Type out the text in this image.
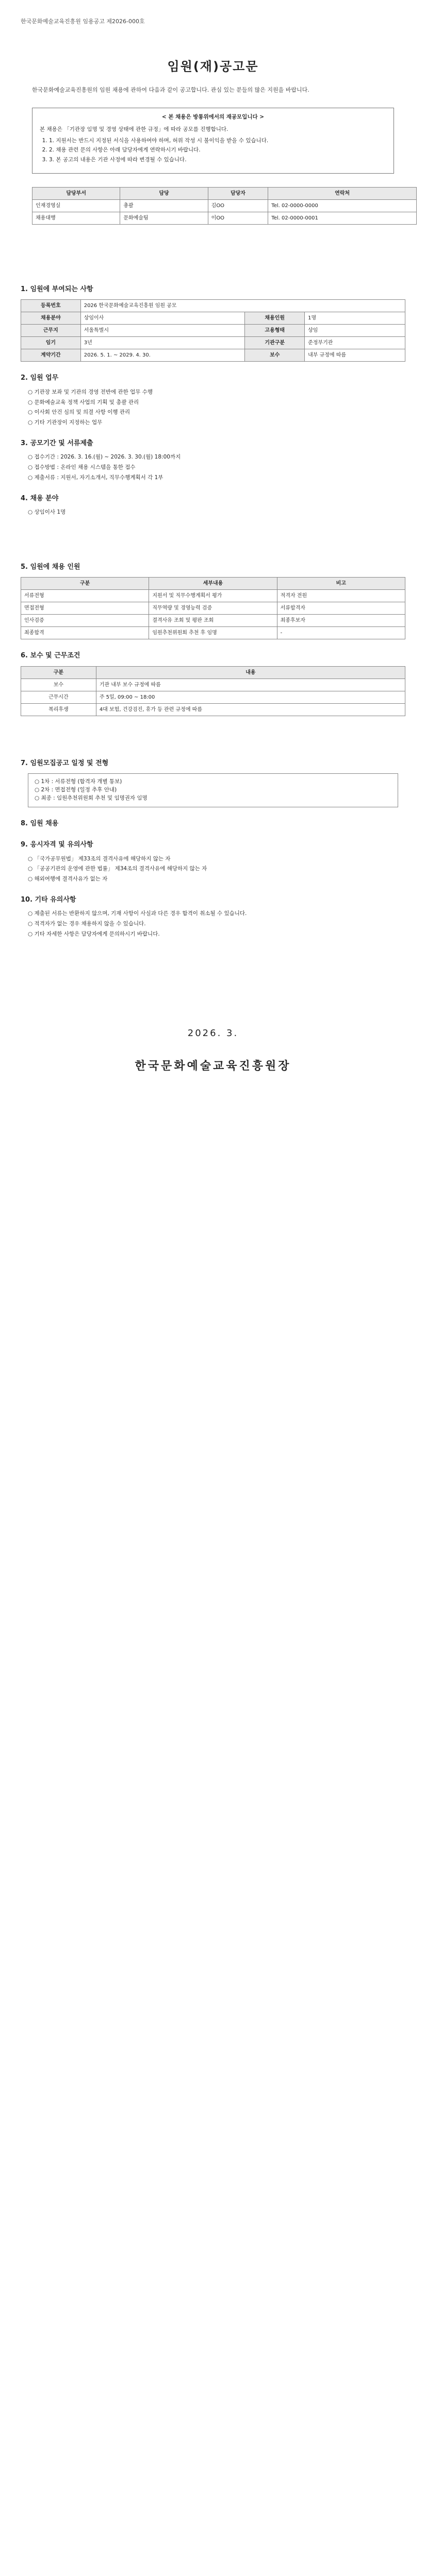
한국문화예술교육진흥원 임용공고 제2026-000호
임원(재)공고문

한국문화예술교육진흥원의 임원 채용에 관하여 다음과 같이 공고합니다. 관심 있는 분들의 많은 지원을 바랍니다.

< 본 채용은 방통위에서의 재공모입니다 >

본 채용은 「기관장 임명 및 경영 상태에 관한 규정」에 따라 공모를 진행합니다.

1. 1. 지원서는 반드시 지정된 서식을 사용하여야 하며, 허위 작성 시 불이익을 받을 수 있습니다.
2. 2. 채용 관련 문의 사항은 아래 담당자에게 연락하시기 바랍니다.
3. 3. 본 공고의 내용은 기관 사정에 따라 변경될 수 있습니다.
담당부서	담당	담당자	연락처
인재경영실	총괄	김OO	Tel. 02-0000-0000
채용대행	문화예술팀	이OO	Tel. 02-0000-0001
1. 임원에 부여되는 사항
등록번호	2026 한국문화예술교육진흥원 임원 공모		
채용분야	상임이사	채용인원	1명
근무지	서울특별시	고용형태	상임
임기	3년	기관구분	준정부기관
계약기간	2026. 5. 1. ~ 2029. 4. 30.	보수	내부 규정에 따름
2. 임원 업무
○ 기관장 보좌 및 기관의 경영 전반에 관한 업무 수행
○ 문화예술교육 정책 사업의 기획 및 총괄 관리
○ 이사회 안건 심의 및 의결 사항 이행 관리
○ 기타 기관장이 지정하는 업무
3. 공모기간 및 서류제출
○ 접수기간 : 2026. 3. 16.(월) ~ 2026. 3. 30.(월) 18:00까지
○ 접수방법 : 온라인 채용 시스템을 통한 접수
○ 제출서류 : 지원서, 자기소개서, 직무수행계획서 각 1부
4. 채용 분야
○ 상임이사 1명
5. 임원에 채용 인원
구분	세부내용	비고
서류전형	지원서 및 직무수행계획서 평가	적격자 전원
면접전형	직무역량 및 경영능력 검증	서류합격자
인사검증	결격사유 조회 및 평판 조회	최종후보자
최종합격	임원추천위원회 추천 후 임명	-
6. 보수 및 근무조건
구분	내용
보수	기관 내부 보수 규정에 따름
근무시간	주 5일, 09:00 ~ 18:00
복리후생	4대 보험, 건강검진, 휴가 등 관련 규정에 따름
7. 임원모집공고 일정 및 전형
○ 1차 : 서류전형 (합격자 개별 통보)
○ 2차 : 면접전형 (일정 추후 안내)
○ 최종 : 임원추천위원회 추천 및 임명권자 임명
8. 임원 채용
9. 응시자격 및 유의사항
○ 「국가공무원법」 제33조의 결격사유에 해당하지 않는 자
○ 「공공기관의 운영에 관한 법률」 제34조의 결격사유에 해당하지 않는 자
○ 해외여행에 결격사유가 없는 자
10. 기타 유의사항
○ 제출된 서류는 반환하지 않으며, 기재 사항이 사실과 다른 경우 합격이 취소될 수 있습니다.
○ 적격자가 없는 경우 채용하지 않을 수 있습니다.
○ 기타 자세한 사항은 담당자에게 문의하시기 바랍니다.
2026. 3.
한국문화예술교육진흥원장
